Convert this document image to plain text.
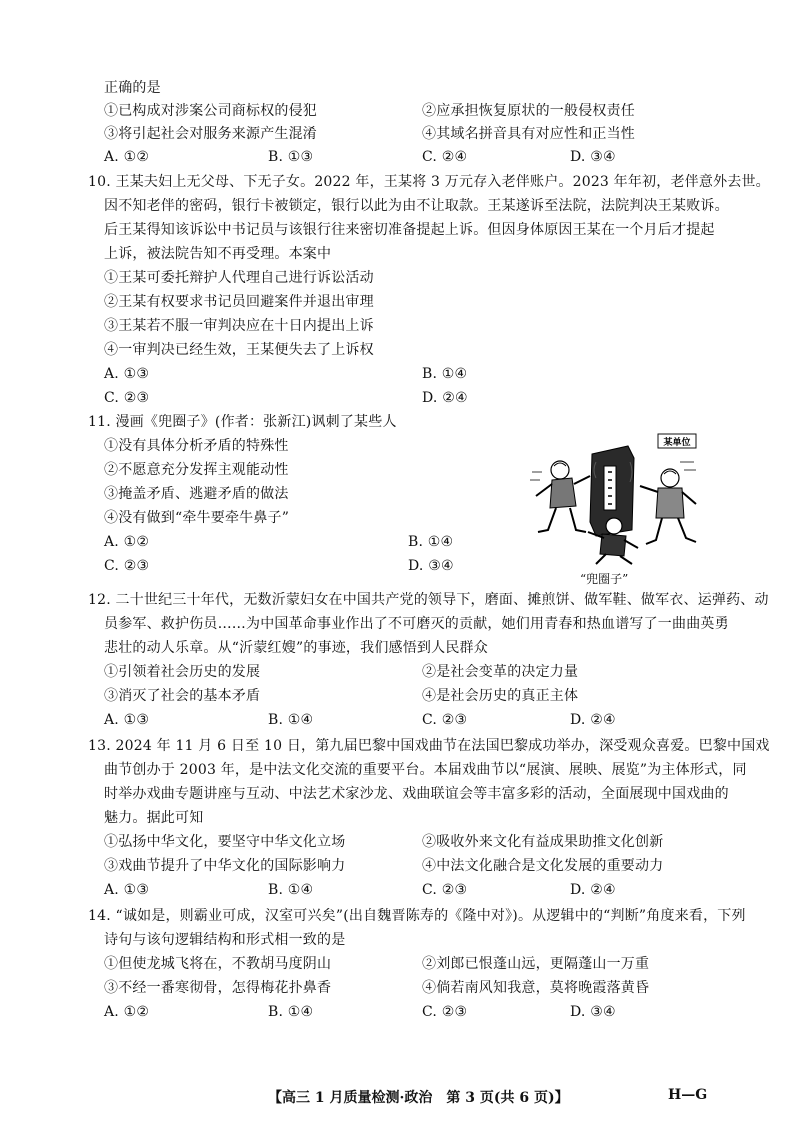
正确的是
①已构成对涉案公司商标权的侵犯	②应承担恢复原状的一般侵权责任
③将引起社会对服务来源产生混淆	④其域名拼音具有对应性和正当性
A. ①②	B. ①③	C. ②④	D. ③④
10. 王某夫妇上无父母、下无子女。2022 年，王某将 3 万元存入老伴账户。2023 年年初，老伴意外去世。
因不知老伴的密码，银行卡被锁定，银行以此为由不让取款。王某遂诉至法院，法院判决王某败诉。
后王某得知该诉讼中书记员与该银行往来密切准备提起上诉。但因身体原因王某在一个月后才提起
上诉，被法院告知不再受理。本案中
①王某可委托辩护人代理自己进行诉讼活动
②王某有权要求书记员回避案件并退出审理
③王某若不服一审判决应在十日内提出上诉
④一审判决已经生效，王某便失去了上诉权
A. ①③	B. ①④
C. ②③	D. ②④
11. 漫画《兜圈子》(作者：张新江)讽刺了某些人
①没有具体分析矛盾的特殊性
②不愿意充分发挥主观能动性
③掩盖矛盾、逃避矛盾的做法
④没有做到“牵牛要牵牛鼻子”
A. ①②	B. ①④
C. ②③	D. ③④
某单位
“兜圈子”
12. 二十世纪三十年代，无数沂蒙妇女在中国共产党的领导下，磨面、摊煎饼、做军鞋、做军衣、运弹药、动
员参军、救护伤员……为中国革命事业作出了不可磨灭的贡献，她们用青春和热血谱写了一曲曲英勇
悲壮的动人乐章。从“沂蒙红嫂”的事迹，我们感悟到人民群众
①引领着社会历史的发展	②是社会变革的决定力量
③消灭了社会的基本矛盾	④是社会历史的真正主体
A. ①③	B. ①④	C. ②③	D. ②④
13. 2024 年 11 月 6 日至 10 日，第九届巴黎中国戏曲节在法国巴黎成功举办，深受观众喜爱。巴黎中国戏
曲节创办于 2003 年，是中法文化交流的重要平台。本届戏曲节以“展演、展映、展览”为主体形式，同
时举办戏曲专题讲座与互动、中法艺术家沙龙、戏曲联谊会等丰富多彩的活动，全面展现中国戏曲的
魅力。据此可知
①弘扬中华文化，要坚守中华文化立场	②吸收外来文化有益成果助推文化创新
③戏曲节提升了中华文化的国际影响力	④中法文化融合是文化发展的重要动力
A. ①③	B. ①④	C. ②③	D. ②④
14. “诚如是，则霸业可成，汉室可兴矣”(出自魏晋陈寿的《隆中对》)。从逻辑中的“判断”角度来看，下列
诗句与该句逻辑结构和形式相一致的是
①但使龙城飞将在，不教胡马度阴山	②刘郎已恨蓬山远，更隔蓬山一万重
③不经一番寒彻骨，怎得梅花扑鼻香	④倘若南风知我意，莫将晚霞落黄昏
A. ①②	B. ①④	C. ②③	D. ③④
【高三 1 月质量检测·政治　第 3 页(共 6 页)】	H—G
